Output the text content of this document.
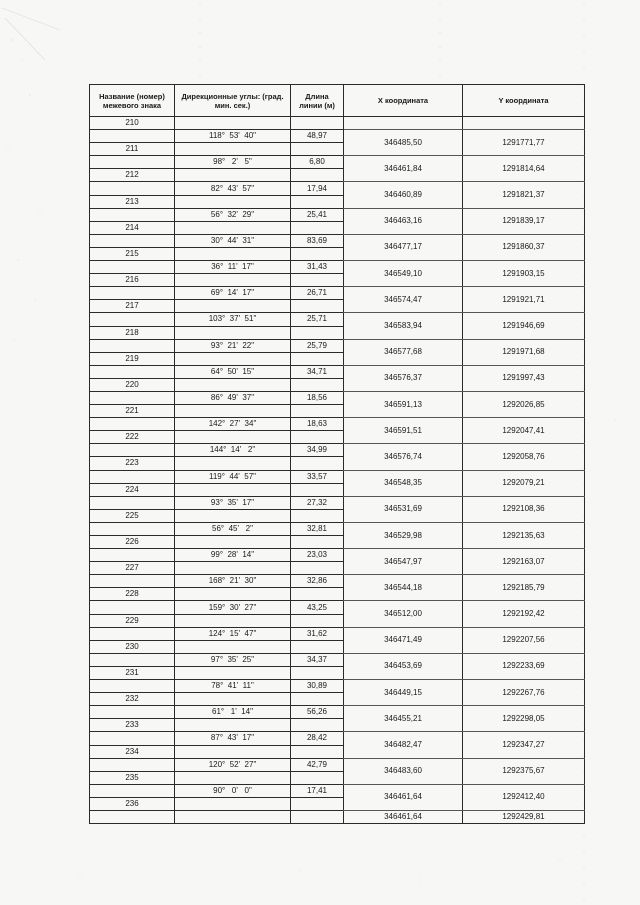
Название (номер) межевого знака	Дирекционные углы: (град. мин. сек.)	Длина линии (м)	X координата	Y координата
210				
	118°  53'  40"	48,97	346485,50	1291771,77
211				
	98°   2'   5"	6,80	346461,84	1291814,64
212				
	82°  43'  57"	17,94	346460,89	1291821,37
213				
	56°  32'  29"	25,41	346463,16	1291839,17
214				
	30°  44'  31"	83,69	346477,17	1291860,37
215				
	36°  11'  17"	31,43	346549,10	1291903,15
216				
	69°  14'  17"	26,71	346574,47	1291921,71
217				
	103°  37'  51"	25,71	346583,94	1291946,69
218				
	93°  21'  22"	25,79	346577,68	1291971,68
219				
	64°  50'  15"	34,71	346576,37	1291997,43
220				
	86°  49'  37"	18,56	346591,13	1292026,85
221				
	142°  27'  34"	18,63	346591,51	1292047,41
222				
	144°  14'   2"	34,99	346576,74	1292058,76
223				
	119°  44'  57"	33,57	346548,35	1292079,21
224				
	93°  35'  17"	27,32	346531,69	1292108,36
225				
	56°  45'   2"	32,81	346529,98	1292135,63
226				
	99°  28'  14"	23,03	346547,97	1292163,07
227				
	168°  21'  30"	32,86	346544,18	1292185,79
228				
	159°  30'  27"	43,25	346512,00	1292192,42
229				
	124°  15'  47"	31,62	346471,49	1292207,56
230				
	97°  35'  25"	34,37	346453,69	1292233,69
231				
	78°  41'  11"	30,89	346449,15	1292267,76
232				
	61°   1'  14"	56,26	346455,21	1292298,05
233				
	87°  43'  17"	28,42	346482,47	1292347,27
234				
	120°  52'  27"	42,79	346483,60	1292375,67
235				
	90°   0'   0"	17,41	346461,64	1292412,40
236				
			346461,64	1292429,81
